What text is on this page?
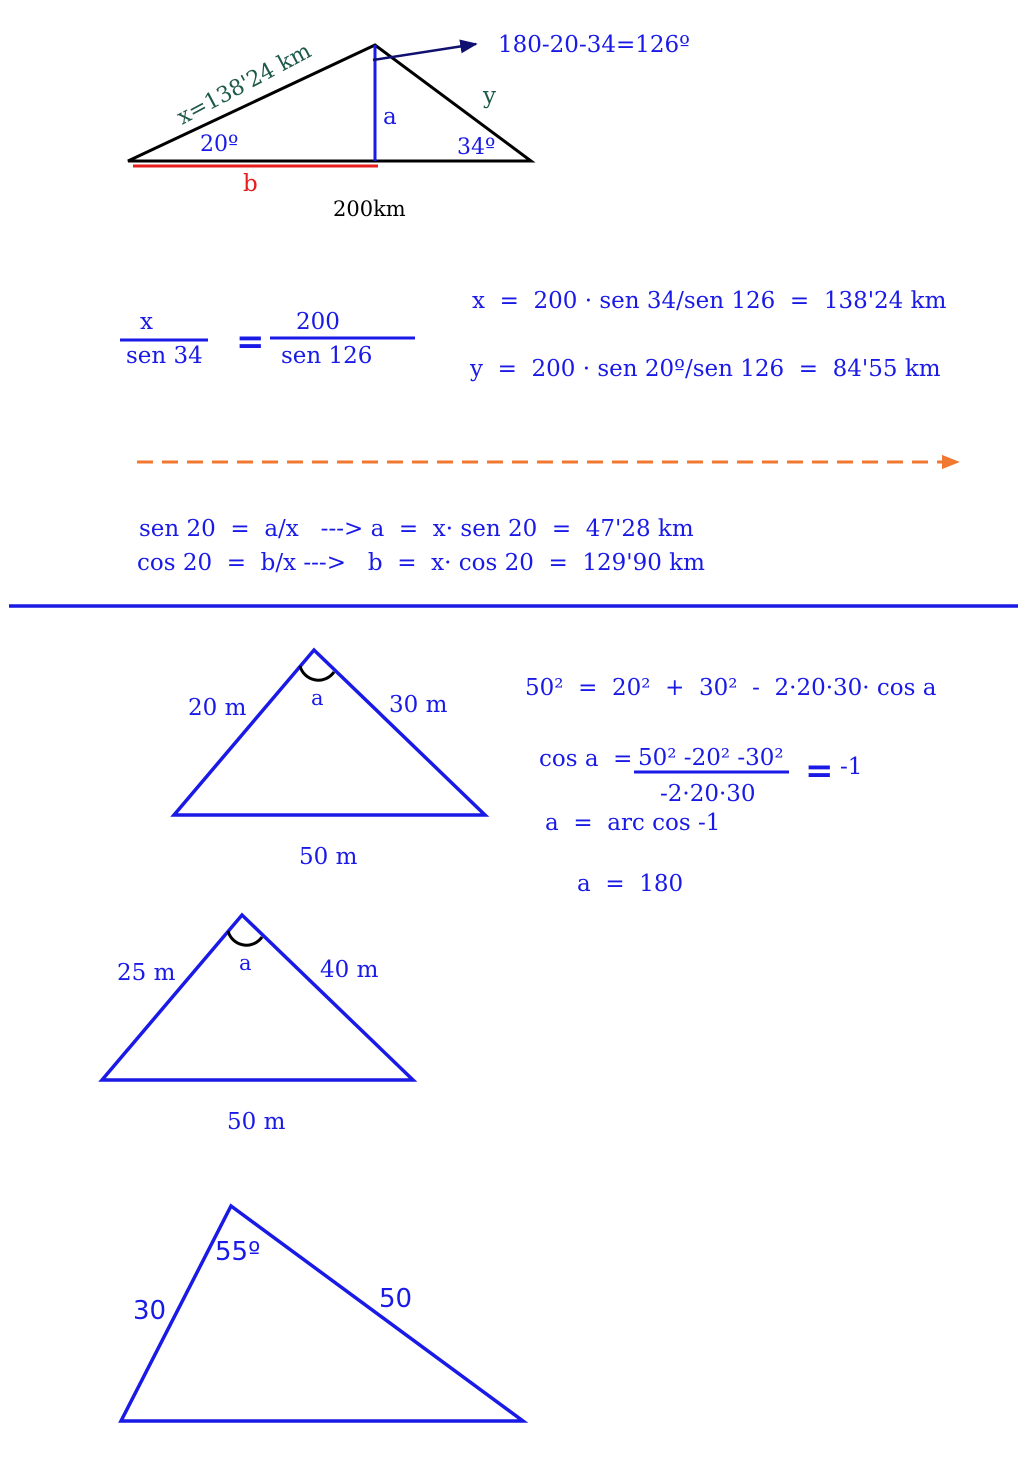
x=138'24 km	180-20-34=126º
y
a
20º	34º
b
200km
x
sen 34 = 200
sen 126
x  =  200 · sen 34/sen 126  =  138'24 km
y  =  200 · sen 20º/sen 126  =  84'55 km
sen 20  =  a/x   ---> a  =  x· sen 20  =  47'28 km
cos 20  =  b/x --->   b  =  x· cos 20  =  129'90 km
20 m	a	30 m
50 m
50²  =  20²  +  30²  -  2·20·30· cos a
cos a  = 50² -20² -30²
-2·20·30
= -1
a  =  arc cos -1
a  =  180
25 m	a	40 m
50 m
30
55º
50
